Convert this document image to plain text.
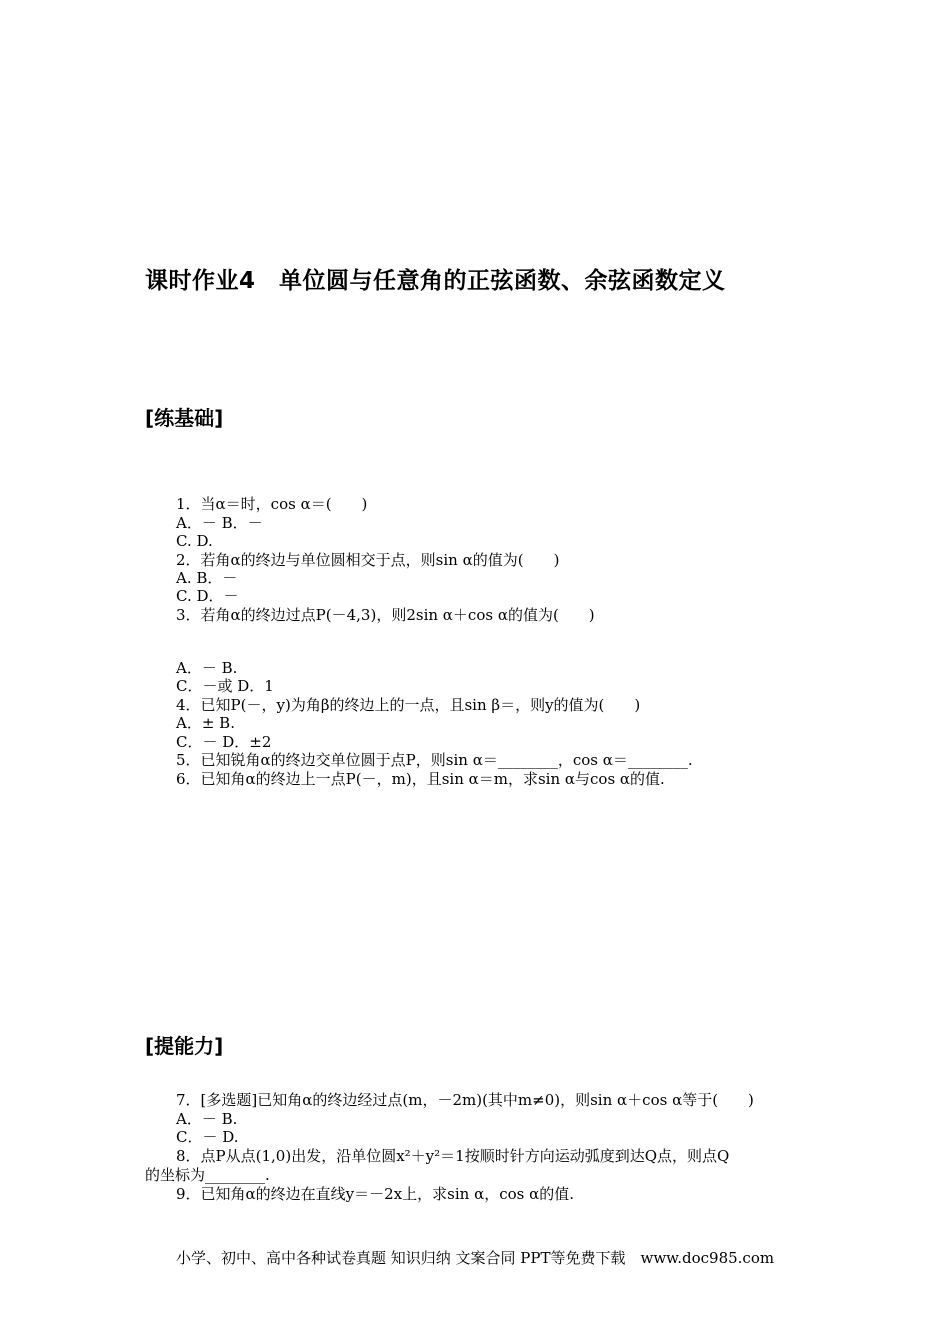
课时作业4　单位圆与任意角的正弦函数、余弦函数定义
[练基础]
1．当α＝时，cos α＝(　　)
A．－ B．－
C. D.
2．若角α的终边与单位圆相交于点，则sin α的值为(　　)
A. B．－
C. D．－
3．若角α的终边过点P(－4,3)，则2sin α＋cos α的值为(　　)
A．－ B.
C．－或 D．1
4．已知P(－，y)为角β的终边上的一点，且sin β＝，则y的值为(　　)
A．± B.
C．－ D．±2
5．已知锐角α的终边交单位圆于点P，则sin α＝________，cos α＝________.
6．已知角α的终边上一点P(－，m)，且sin α＝m，求sin α与cos α的值.
[提能力]
7．[多选题]已知角α的终边经过点(m，－2m)(其中m≠0)，则sin α＋cos α等于(　　)
A．－ B.
C．－ D.
8．点P从点(1,0)出发，沿单位圆x²＋y²＝1按顺时针方向运动弧度到达Q点，则点Q
的坐标为________.
9．已知角α的终边在直线y＝－2x上，求sin α，cos α的值.
小学、初中、高中各种试卷真题 知识归纳 文案合同 PPT等免费下载　www.doc985.com
